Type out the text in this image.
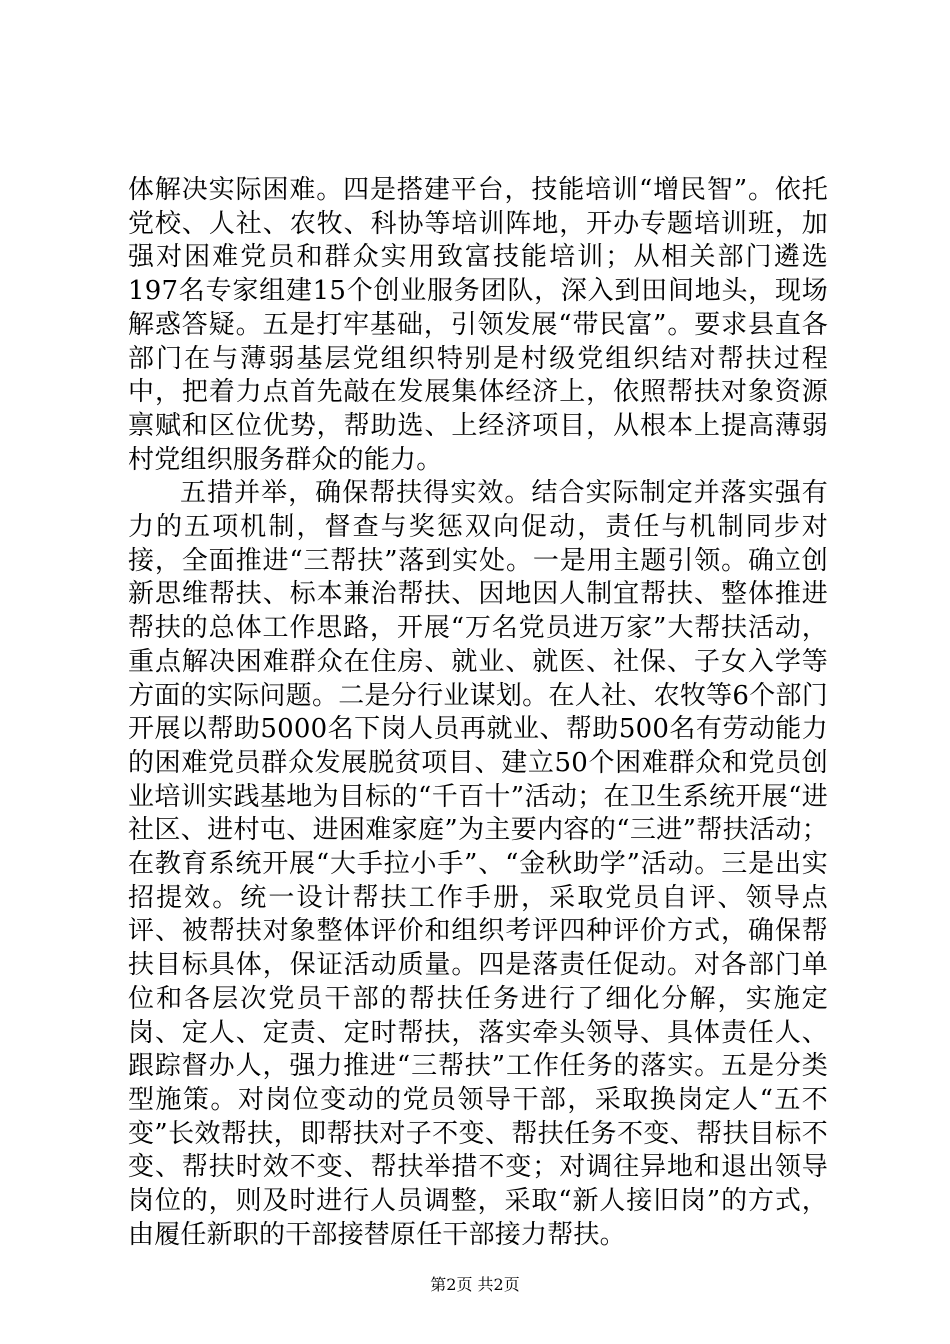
体解决实际困难。四是搭建平台，技能培训“增民智”。依托党校、人社、农牧、科协等培训阵地，开办专题培训班，加强对困难党员和群众实用致富技能培训；从相关部门遴选197名专家组建15个创业服务团队，深入到田间地头，现场解惑答疑。五是打牢基础，引领发展“带民富”。要求县直各部门在与薄弱基层党组织特别是村级党组织结对帮扶过程中，把着力点首先敲在发展集体经济上，依照帮扶对象资源禀赋和区位优势，帮助选、上经济项目，从根本上提高薄弱村党组织服务群众的能力。

五措并举，确保帮扶得实效。结合实际制定并落实强有力的五项机制，督查与奖惩双向促动，责任与机制同步对接，全面推进“三帮扶”落到实处。一是用主题引领。确立创新思维帮扶、标本兼治帮扶、因地因人制宜帮扶、整体推进帮扶的总体工作思路，开展“万名党员进万家”大帮扶活动，重点解决困难群众在住房、就业、就医、社保、子女入学等方面的实际问题。二是分行业谋划。在人社、农牧等6个部门开展以帮助5000名下岗人员再就业、帮助500名有劳动能力的困难党员群众发展脱贫项目、建立50个困难群众和党员创业培训实践基地为目标的“千百十”活动；在卫生系统开展“进社区、进村屯、进困难家庭”为主要内容的“三进”帮扶活动；在教育系统开展“大手拉小手”、“金秋助学”活动。三是出实招提效。统一设计帮扶工作手册，采取党员自评、领导点评、被帮扶对象整体评价和组织考评四种评价方式，确保帮扶目标具体，保证活动质量。四是落责任促动。对各部门单位和各层次党员干部的帮扶任务进行了细化分解，实施定岗、定人、定责、定时帮扶，落实牵头领导、具体责任人、跟踪督办人，强力推进“三帮扶”工作任务的落实。五是分类型施策。对岗位变动的党员领导干部，采取换岗定人“五不变”长效帮扶，即帮扶对子不变、帮扶任务不变、帮扶目标不变、帮扶时效不变、帮扶举措不变；对调往异地和退出领导岗位的，则及时进行人员调整，采取“新人接旧岗”的方式，由履任新职的干部接替原任干部接力帮扶。

第2页 共2页
